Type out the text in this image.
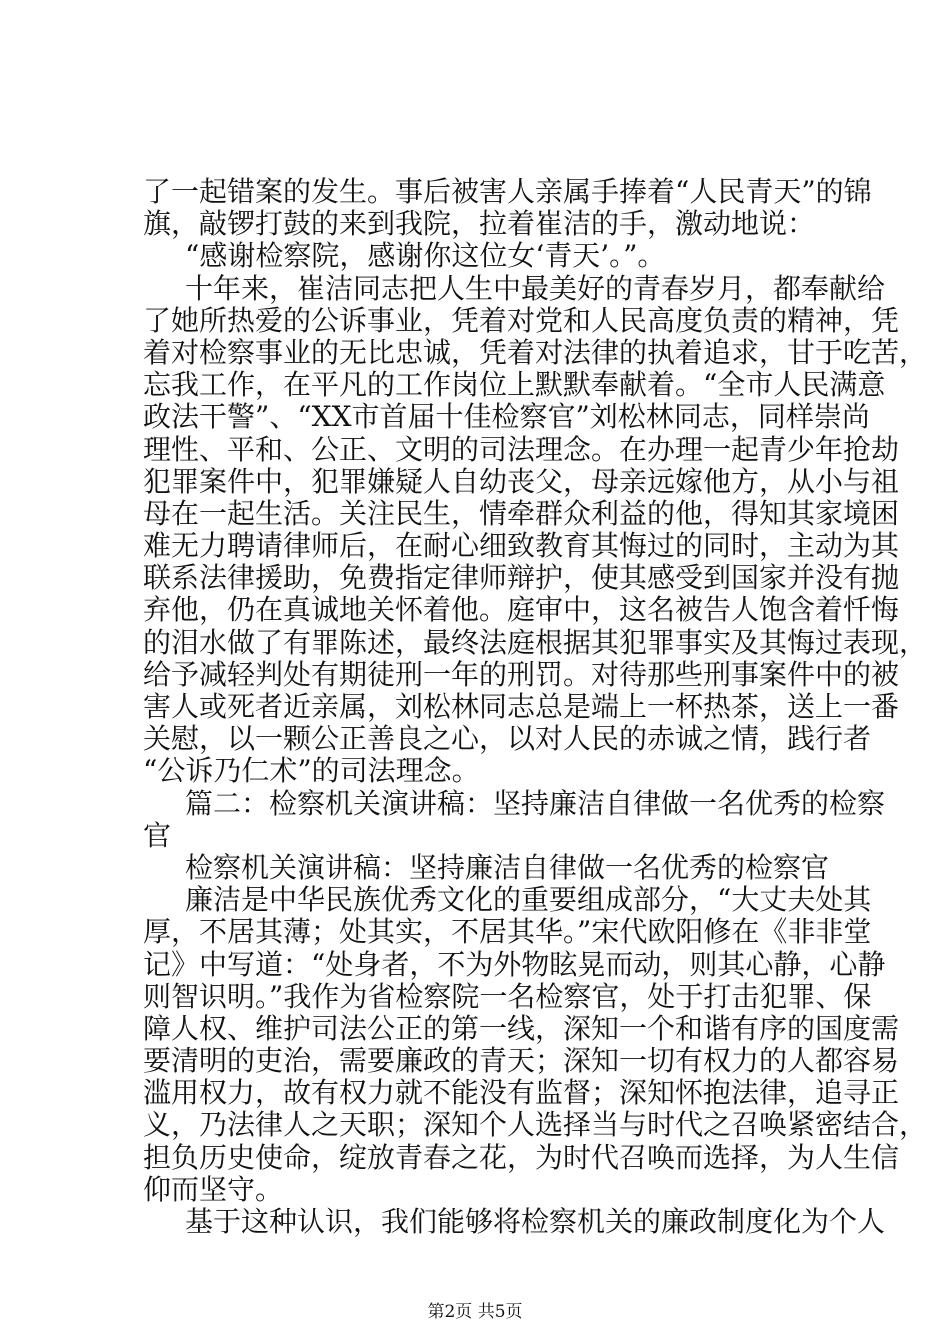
了一起错案的发生。事后被害人亲属手捧着“人民青天”的锦
旗，敲锣打鼓的来到我院，拉着崔洁的手，激动地说：
“感谢检察院，感谢你这位女‘青天’。”。
十年来，崔洁同志把人生中最美好的青春岁月，都奉献给
了她所热爱的公诉事业，凭着对党和人民高度负责的精神，凭
着对检察事业的无比忠诚，凭着对法律的执着追求，甘于吃苦，
忘我工作，在平凡的工作岗位上默默奉献着。“全市人民满意
政法干警”、“XX市首届十佳检察官”刘松林同志，同样崇尚
理性、平和、公正、文明的司法理念。在办理一起青少年抢劫
犯罪案件中，犯罪嫌疑人自幼丧父，母亲远嫁他方，从小与祖
母在一起生活。关注民生，情牵群众利益的他，得知其家境困
难无力聘请律师后，在耐心细致教育其悔过的同时，主动为其
联系法律援助，免费指定律师辩护，使其感受到国家并没有抛
弃他，仍在真诚地关怀着他。庭审中，这名被告人饱含着忏悔
的泪水做了有罪陈述，最终法庭根据其犯罪事实及其悔过表现，
给予减轻判处有期徒刑一年的刑罚。对待那些刑事案件中的被
害人或死者近亲属，刘松林同志总是端上一杯热茶，送上一番
关慰，以一颗公正善良之心，以对人民的赤诚之情，践行者
“公诉乃仁术”的司法理念。
篇二：检察机关演讲稿：坚持廉洁自律做一名优秀的检察
官
检察机关演讲稿：坚持廉洁自律做一名优秀的检察官
廉洁是中华民族优秀文化的重要组成部分，“大丈夫处其
厚，不居其薄；处其实，不居其华。”宋代欧阳修在《非非堂
记》中写道：“处身者，不为外物眩晃而动，则其心静，心静
则智识明。”我作为省检察院一名检察官，处于打击犯罪、保
障人权、维护司法公正的第一线，深知一个和谐有序的国度需
要清明的吏治，需要廉政的青天；深知一切有权力的人都容易
滥用权力，故有权力就不能没有监督；深知怀抱法律，追寻正
义，乃法律人之天职；深知个人选择当与时代之召唤紧密结合，
担负历史使命，绽放青春之花，为时代召唤而选择，为人生信
仰而坚守。
基于这种认识，我们能够将检察机关的廉政制度化为个人
第2页 共5页
